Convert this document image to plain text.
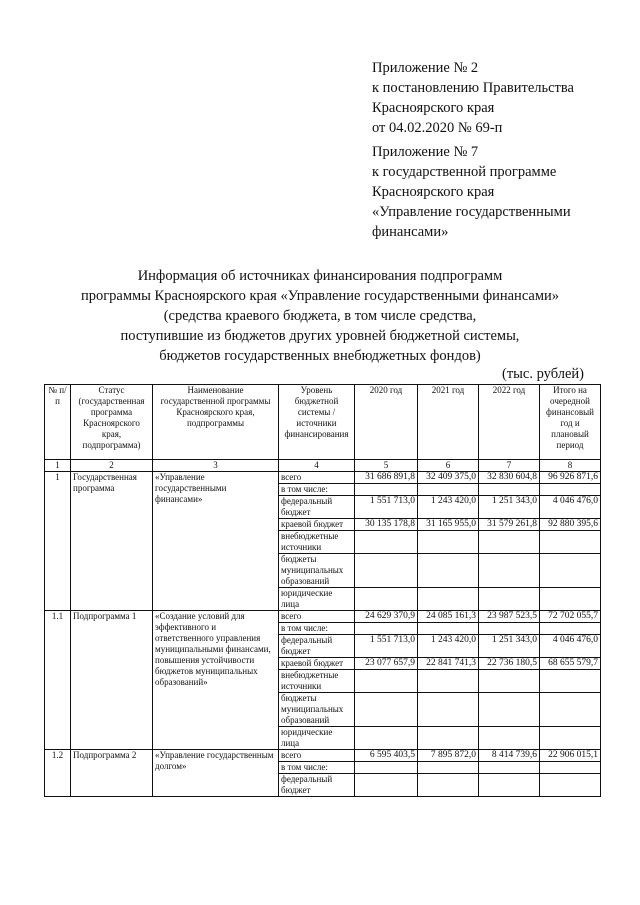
Приложение № 2
к постановлению Правительства
Красноярского края
от 04.02.2020 № 69-п
Приложение № 7
к государственной программе
Красноярского края
«Управление государственными
финансами»
Информация об источниках финансирования подпрограмм
программы Красноярского края «Управление государственными финансами»
(средства краевого бюджета, в том числе средства,
поступившие из бюджетов других уровней бюджетной системы,
бюджетов государственных внебюджетных фондов)
(тыс. рублей)
№ п/п	Статус (государственная программа Красноярского края, подпрограмма)	Наименование государственной программы Красноярского края, подпрограммы	Уровень бюджетной системы / источники финансирования	2020 год	2021 год	2022 год	Итого на очередной финансовый год и плановый период
1	2	3	4	5	6	7	8
1	Государственная программа	«Управление государственными финансами»	всего	31 686 891,8	32 409 375,0	32 830 604,8	96 926 871,6
			в том числе:				
			федеральный бюджет	1 551 713,0	1 243 420,0	1 251 343,0	4 046 476,0
			краевой бюджет	30 135 178,8	31 165 955,0	31 579 261,8	92 880 395,6
			внебюджетные источники				
			бюджеты муниципальных образований				
			юридические лица				
1.1	Подпрограмма 1	«Создание условий для эффективного и ответственного управления муниципальными финансами, повышения устойчивости бюджетов муниципальных образований»	всего	24 629 370,9	24 085 161,3	23 987 523,5	72 702 055,7
			в том числе:				
			федеральный бюджет	1 551 713,0	1 243 420,0	1 251 343,0	4 046 476,0
			краевой бюджет	23 077 657,9	22 841 741,3	22 736 180,5	68 655 579,7
			внебюджетные источники				
			бюджеты муниципальных образований				
			юридические лица				
1.2	Подпрограмма 2	«Управление государственным долгом»	всего	6 595 403,5	7 895 872,0	8 414 739,6	22 906 015,1
			в том числе:				
			федеральный бюджет				
